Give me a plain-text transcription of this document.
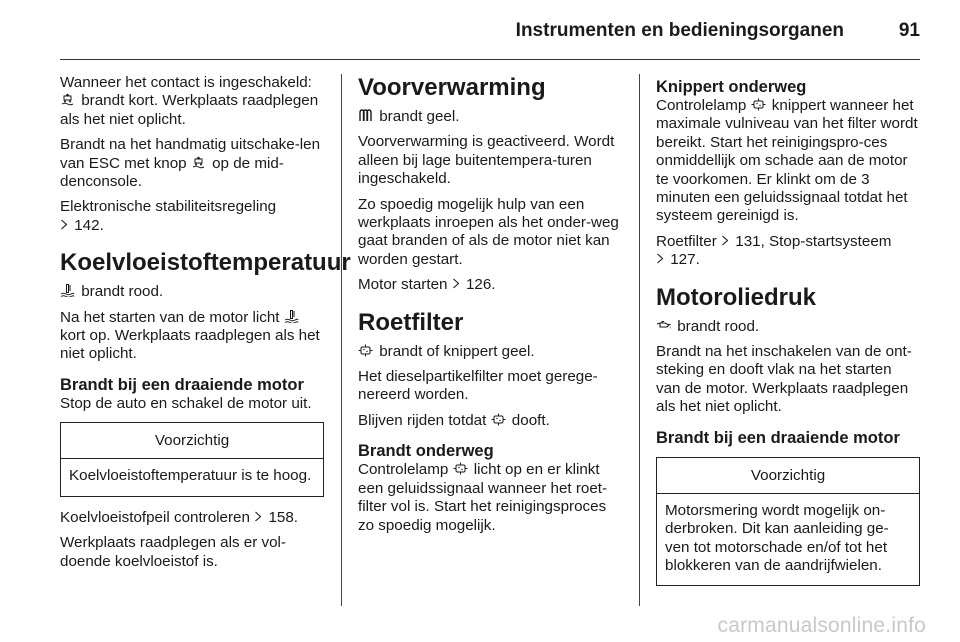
Instrumenten en bedieningsorganen	91

Wanneer het contact is ingeschakeld:

brandt kort. Werkplaats raadplegen als het niet oplicht.

Brandt na het handmatig uitschake-len van ESC met knop op de mid-denconsole.

Elektronische stabiliteitsregeling

142.

Koelvloeistoftemperatuur

brandt rood.

Na het starten van de motor licht
kort op. Werkplaats raadplegen als het niet oplicht.

Brandt bij een draaiende motor

Stop de auto en schakel de motor uit.

Voorzichtig
Koelvloeistoftemperatuur is te hoog.

Koelvloeistofpeil controleren 158.

Werkplaats raadplegen als er vol-doende koelvloeistof is.

Voorverwarming

brandt geel.

Voorverwarming is geactiveerd. Wordt alleen bij lage buitentempera-turen ingeschakeld.

Zo spoedig mogelijk hulp van een werkplaats inroepen als het onder-weg gaat branden of als de motor niet kan worden gestart.

Motor starten 126.

Roetfilter

brandt of knippert geel.

Het dieselpartikelfilter moet gerege-nereerd worden.

Blijven rijden totdat dooft.

Brandt onderweg

Controlelamp licht op en er klinkt een geluidssignaal wanneer het roet-filter vol is. Start het reinigingsproces zo spoedig mogelijk.

Knippert onderweg

Controlelamp knippert wanneer het maximale vulniveau van het filter wordt bereikt. Start het reinigingspro-ces onmiddellijk om schade aan de motor te voorkomen. Er klinkt om de 3 minuten een geluidssignaal totdat het systeem gereinigd is.

Roetfilter 131, Stop-startsysteem

127.

Motoroliedruk

brandt rood.

Brandt na het inschakelen van de ont-steking en dooft vlak na het starten van de motor. Werkplaats raadplegen als het niet oplicht.

Brandt bij een draaiende motor
Voorzichtig
Motorsmering wordt mogelijk on-derbroken. Dit kan aanleiding ge-ven tot motorschade en/of tot het blokkeren van de aandrijfwielen.
carmanualsonline.info
